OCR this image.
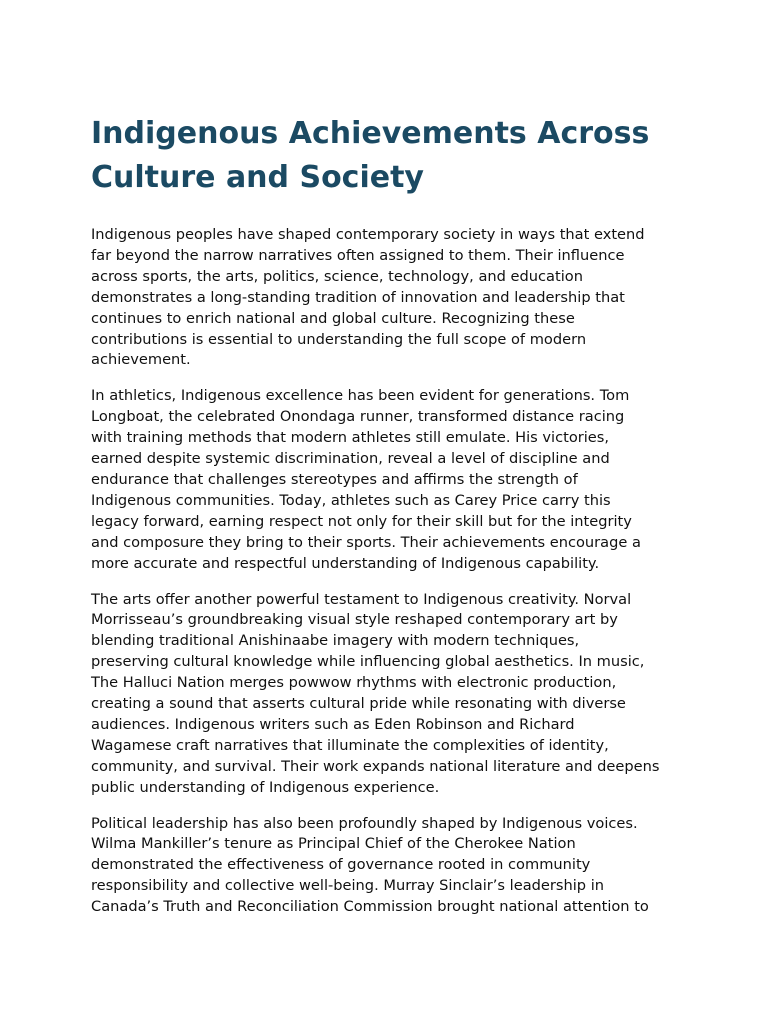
Indigenous Achievements Across
Culture and Society

Indigenous peoples have shaped contemporary society in ways that extend
far beyond the narrow narratives often assigned to them. Their influence
across sports, the arts, politics, science, technology, and education
demonstrates a long-standing tradition of innovation and leadership that
continues to enrich national and global culture. Recognizing these
contributions is essential to understanding the full scope of modern
achievement.

In athletics, Indigenous excellence has been evident for generations. Tom
Longboat, the celebrated Onondaga runner, transformed distance racing
with training methods that modern athletes still emulate. His victories,
earned despite systemic discrimination, reveal a level of discipline and
endurance that challenges stereotypes and affirms the strength of
Indigenous communities. Today, athletes such as Carey Price carry this
legacy forward, earning respect not only for their skill but for the integrity
and composure they bring to their sports. Their achievements encourage a
more accurate and respectful understanding of Indigenous capability.

The arts offer another powerful testament to Indigenous creativity. Norval
Morrisseau’s groundbreaking visual style reshaped contemporary art by
blending traditional Anishinaabe imagery with modern techniques,
preserving cultural knowledge while influencing global aesthetics. In music,
The Halluci Nation merges powwow rhythms with electronic production,
creating a sound that asserts cultural pride while resonating with diverse
audiences. Indigenous writers such as Eden Robinson and Richard
Wagamese craft narratives that illuminate the complexities of identity,
community, and survival. Their work expands national literature and deepens
public understanding of Indigenous experience.

Political leadership has also been profoundly shaped by Indigenous voices.
Wilma Mankiller’s tenure as Principal Chief of the Cherokee Nation
demonstrated the effectiveness of governance rooted in community
responsibility and collective well-being. Murray Sinclair’s leadership in
Canada’s Truth and Reconciliation Commission brought national attention to
